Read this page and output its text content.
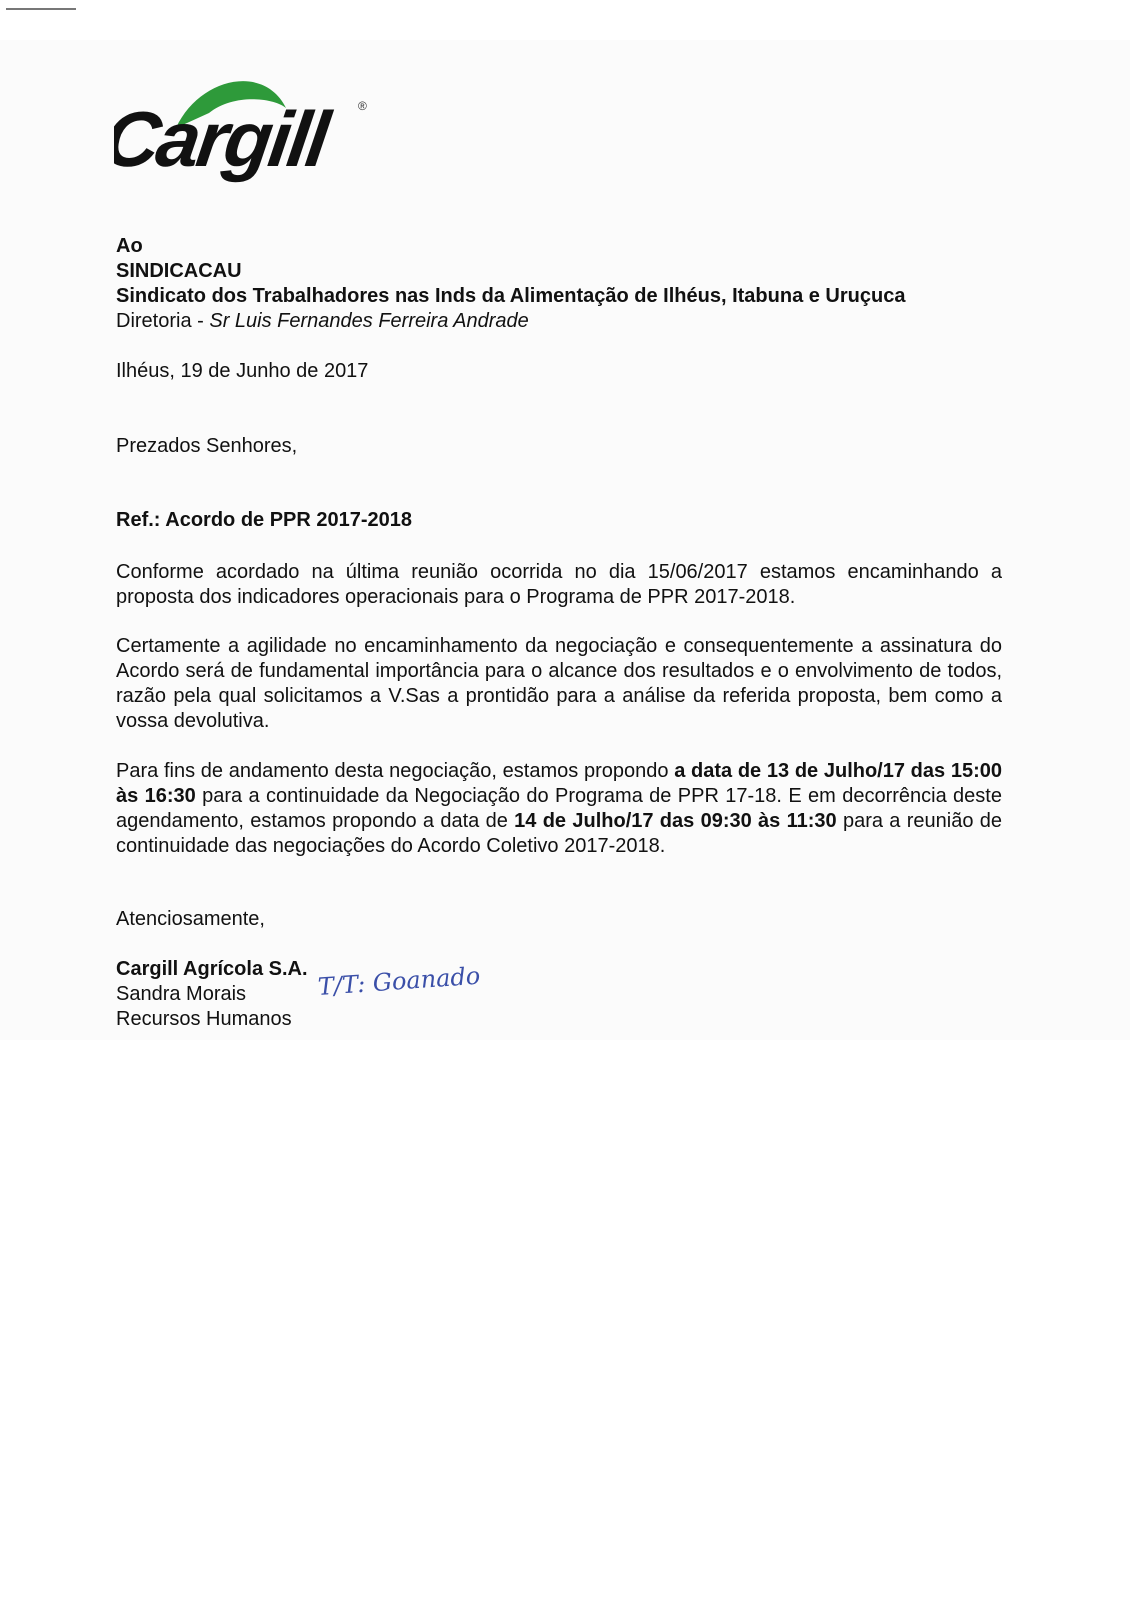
Cargill	®
Ao
SINDICACAU
Sindicato dos Trabalhadores nas Inds da Alimentação de Ilhéus, Itabuna e Uruçuca
Diretoria - Sr Luis Fernandes Ferreira Andrade
Ilhéus, 19 de Junho de 2017
Prezados Senhores,
Ref.: Acordo de PPR 2017-2018

Conforme acordado na última reunião ocorrida no dia 15/06/2017 estamos encaminhando a proposta dos indicadores operacionais para o Programa de PPR 2017-2018.

Certamente a agilidade no encaminhamento da negociação e consequentemente a assinatura do Acordo será de fundamental importância para o alcance dos resultados e o envolvimento de todos, razão pela qual solicitamos a V.Sas a prontidão para a análise da referida proposta, bem como a vossa devolutiva.

Para fins de andamento desta negociação, estamos propondo a data de 13 de Julho/17 das 15:00 às 16:30 para a continuidade da Negociação do Programa de PPR 17-18. E em decorrência deste agendamento, estamos propondo a data de 14 de Julho/17 das 09:30 às 11:30 para a reunião de continuidade das negociações do Acordo Coletivo 2017-2018.

Atenciosamente,
Cargill Agrícola S.A.
Sandra Morais
Recursos Humanos
T/T: Goanado
